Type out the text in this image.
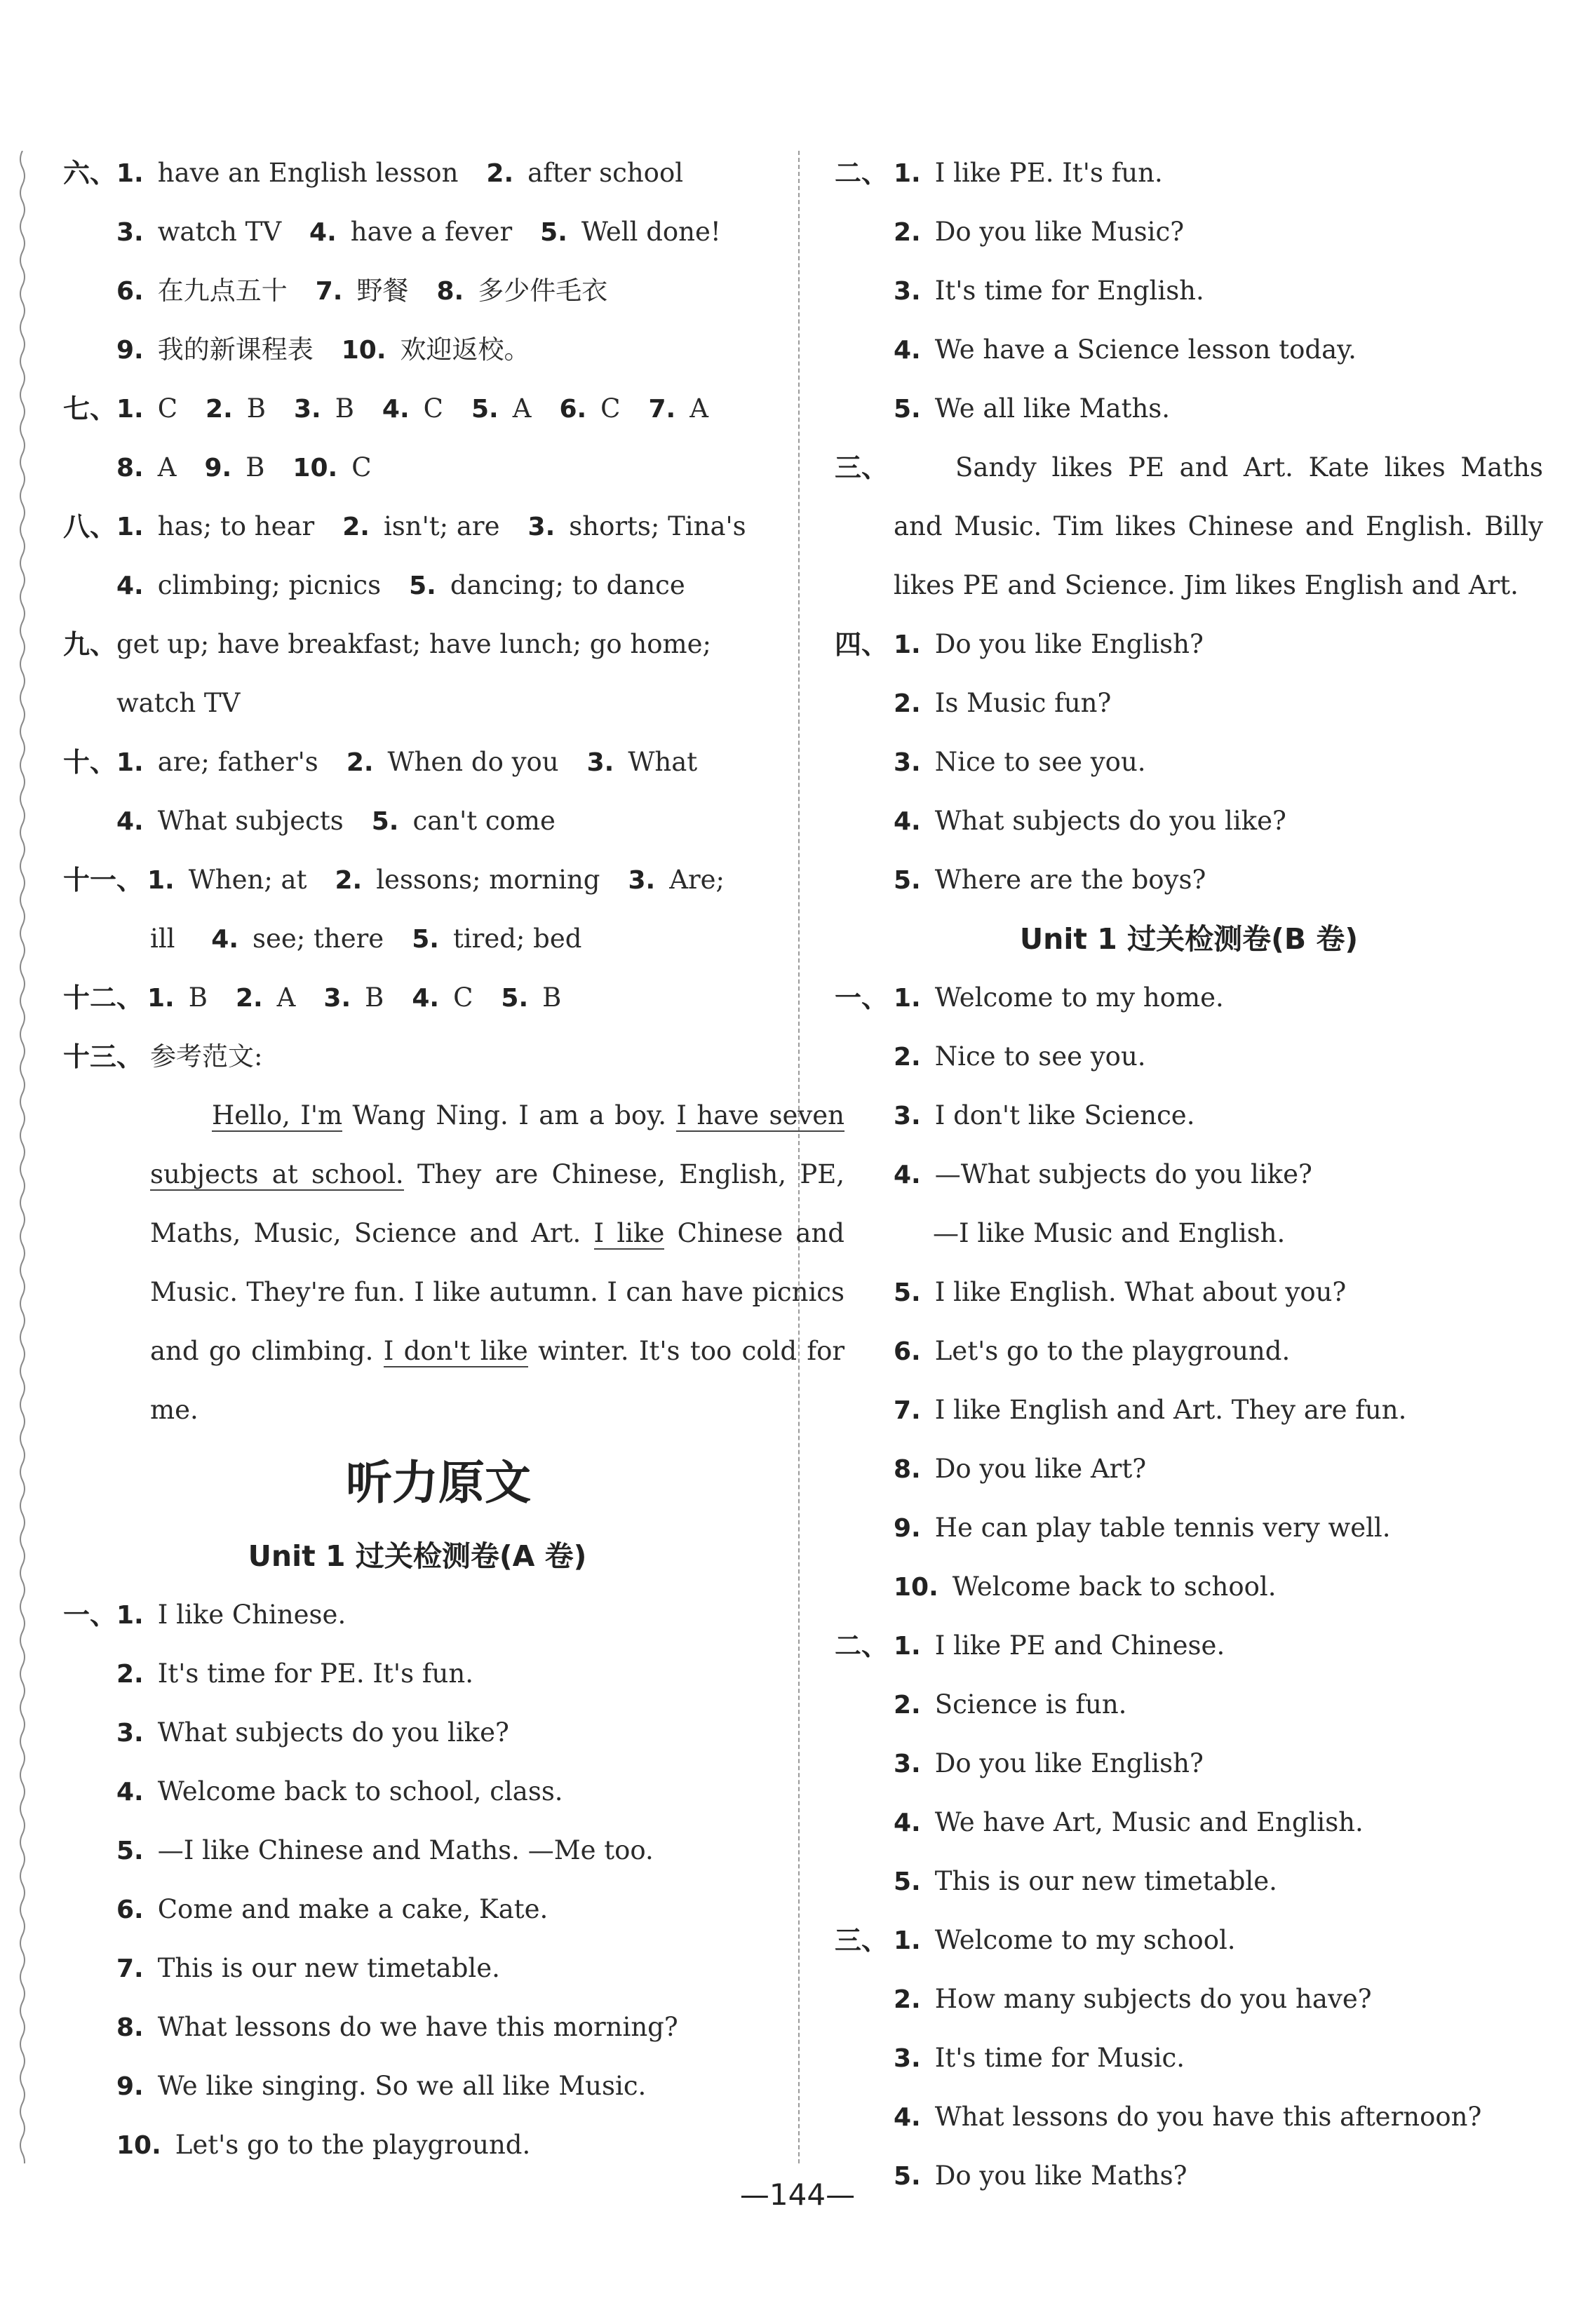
六、 1. have an English lesson 2. after school
3. watch TV 4. have a fever 5. Well done!
6. 在九点五十 7. 野餐 8. 多少件毛衣
9. 我的新课程表 10. 欢迎返校。
七、 1. C 2. B 3. B 4. C 5. A 6. C 7. A
8. A 9. B 10. C
八、 1. has; to hear 2. isn't; are 3. shorts; Tina's
4. climbing; picnics 5. dancing; to dance
九、 get up; have breakfast; have lunch; go home;
watch TV
十、 1. are; father's 2. When do you 3. What
4. What subjects 5. can't come
十一、 1. When; at 2. lessons; morning 3. Are;
ill 4. see; there 5. tired; bed
十二、 1. B 2. A 3. B 4. C 5. B
十三、 参考范文:
Hello, I'm Wang Ning. I am a boy. I have seven subjects at school. They are Chinese, English, PE, Maths, Music, Science and Art. I like Chinese and Music. They're fun. I like autumn. I can have picnics and go climbing. I don't like winter. It's too cold for me.
听力原文
Unit 1 过关检测卷(A 卷)
一、 1. I like Chinese.
2. It's time for PE. It's fun.
3. What subjects do you like?
4. Welcome back to school, class.
5. —I like Chinese and Maths. —Me too.
6. Come and make a cake, Kate.
7. This is our new timetable.
8. What lessons do we have this morning?
9. We like singing. So we all like Music.
10. Let's go to the playground.
二、 1. I like PE. It's fun.
2. Do you like Music?
3. It's time for English.
4. We have a Science lesson today.
5. We all like Maths.
三、	Sandy likes PE and Art. Kate likes Maths and Music. Tim likes Chinese and English. Billy likes PE and Science. Jim likes English and Art.
四、 1. Do you like English?
2. Is Music fun?
3. Nice to see you.
4. What subjects do you like?
5. Where are the boys?
Unit 1 过关检测卷(B 卷)
一、 1. Welcome to my home.
2. Nice to see you.
3. I don't like Science.
4. —What subjects do you like?
—I like Music and English.
5. I like English. What about you?
6. Let's go to the playground.
7. I like English and Art. They are fun.
8. Do you like Art?
9. He can play table tennis very well.
10. Welcome back to school.
二、 1. I like PE and Chinese.
2. Science is fun.
3. Do you like English?
4. We have Art, Music and English.
5. This is our new timetable.
三、 1. Welcome to my school.
2. How many subjects do you have?
3. It's time for Music.
4. What lessons do you have this afternoon?
5. Do you like Maths?
—144—
